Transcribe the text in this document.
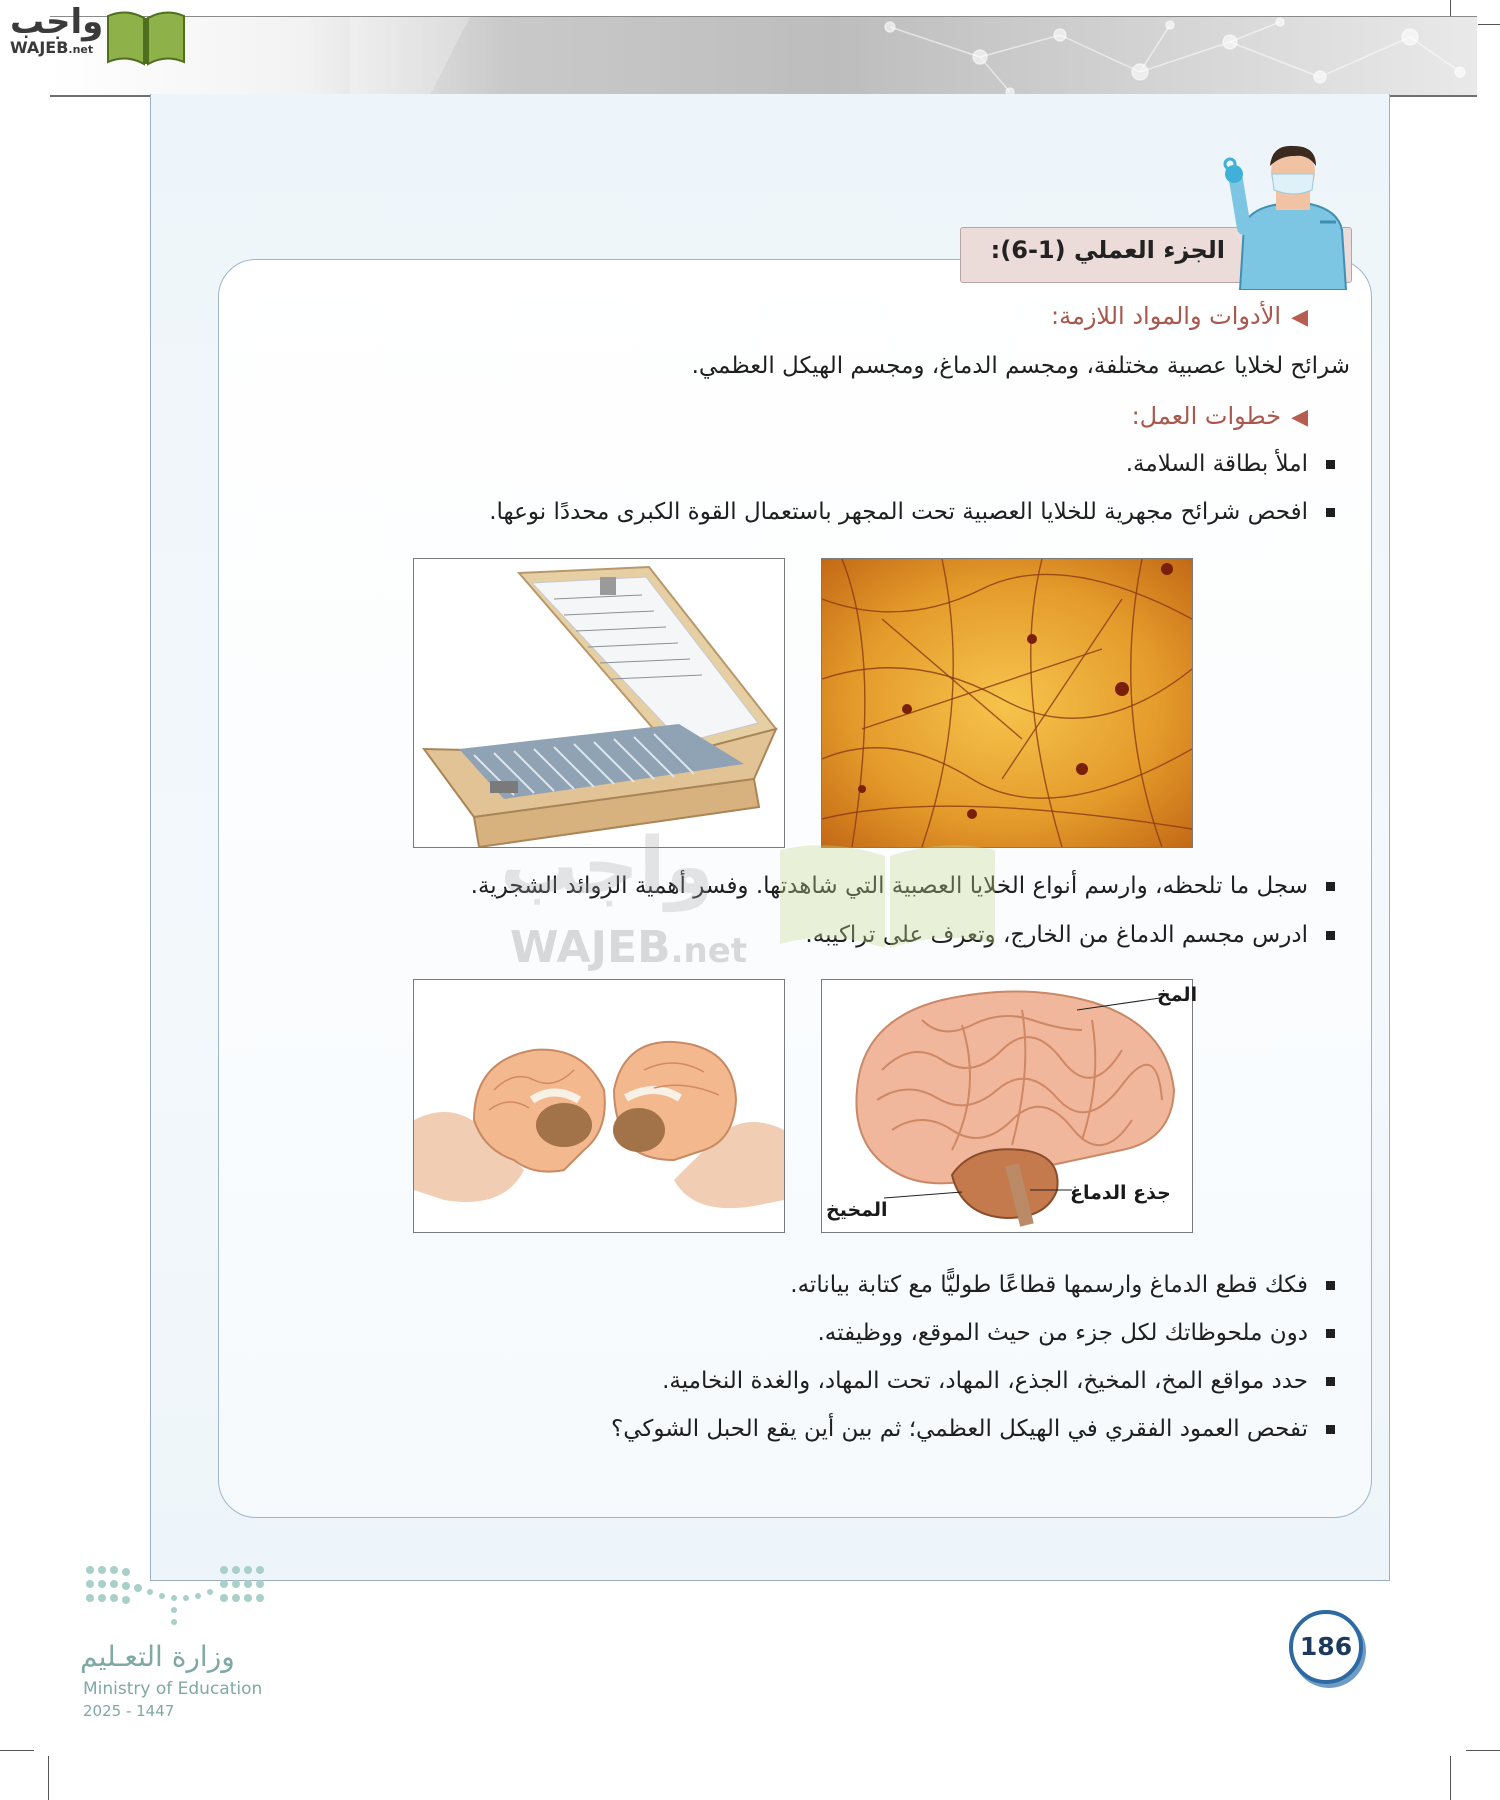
واجب
WAJEB.net
الجزء العملي (1-6):
◀الأدوات والمواد اللازمة:
شرائح لخلايا عصبية مختلفة، ومجسم الدماغ، ومجسم الهيكل العظمي.
◀خطوات العمل:
املأ بطاقة السلامة.
افحص شرائح مجهرية للخلايا العصبية تحت المجهر باستعمال القوة الكبرى محددًا نوعها.
سجل ما تلحظه، وارسم أنواع الخلايا العصبية التي شاهدتها. وفسر أهمية الزوائد الشجرية.
ادرس مجسم الدماغ من الخارج، وتعرف على تراكيبه.
واجب
WAJEB.net
المخ
جذع الدماغ
المخيخ
فكك قطع الدماغ وارسمها قطاعًا طوليًّا مع كتابة بياناته.
دون ملحوظاتك لكل جزء من حيث الموقع، ووظيفته.
حدد مواقع المخ، المخيخ، الجذع، المهاد، تحت المهاد، والغدة النخامية.
تفحص العمود الفقري في الهيكل العظمي؛ ثم بين أين يقع الحبل الشوكي؟
وزارة التعـليم
Ministry of Education
2025 - 1447
186
